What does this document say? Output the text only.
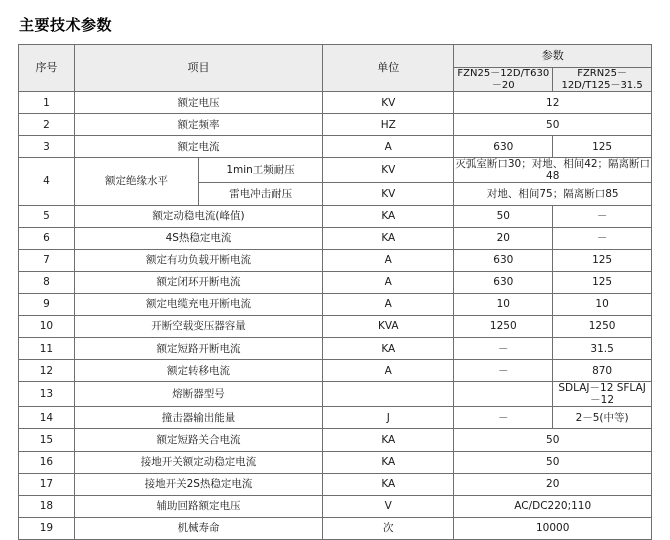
主要技术参数
序号	项目		单位	参数	
				FZN25－12D/T630－20	FZRN25－12D/T125－31.5
1	额定电压		KV	12	
2	额定频率		HZ	50	
3	额定电流		A	630	125
4	额定绝缘水平	1min工频耐压	KV	灭弧室断口30；对地、相间42；隔离断口48	
		雷电冲击耐压	KV	对地、相间75；隔离断口85	
5	额定动稳电流(峰值)		KA	50	－
6	4S热稳定电流		KA	20	－
7	额定有功负载开断电流		A	630	125
8	额定闭环开断电流		A	630	125
9	额定电缆充电开断电流		A	10	10
10	开断空载变压器容量		KVA	1250	1250
11	额定短路开断电流		KA	－	31.5
12	额定转移电流		A	－	870
13	熔断器型号				SDLAJ－12 SFLAJ－12
14	撞击器输出能量		J	－	2－5(中等)
15	额定短路关合电流		KA	50	
16	接地开关额定动稳定电流		KA	50	
17	接地开关2S热稳定电流		KA	20	
18	辅助回路额定电压		V	AC/DC220;110	
19	机械寿命		次	10000	
